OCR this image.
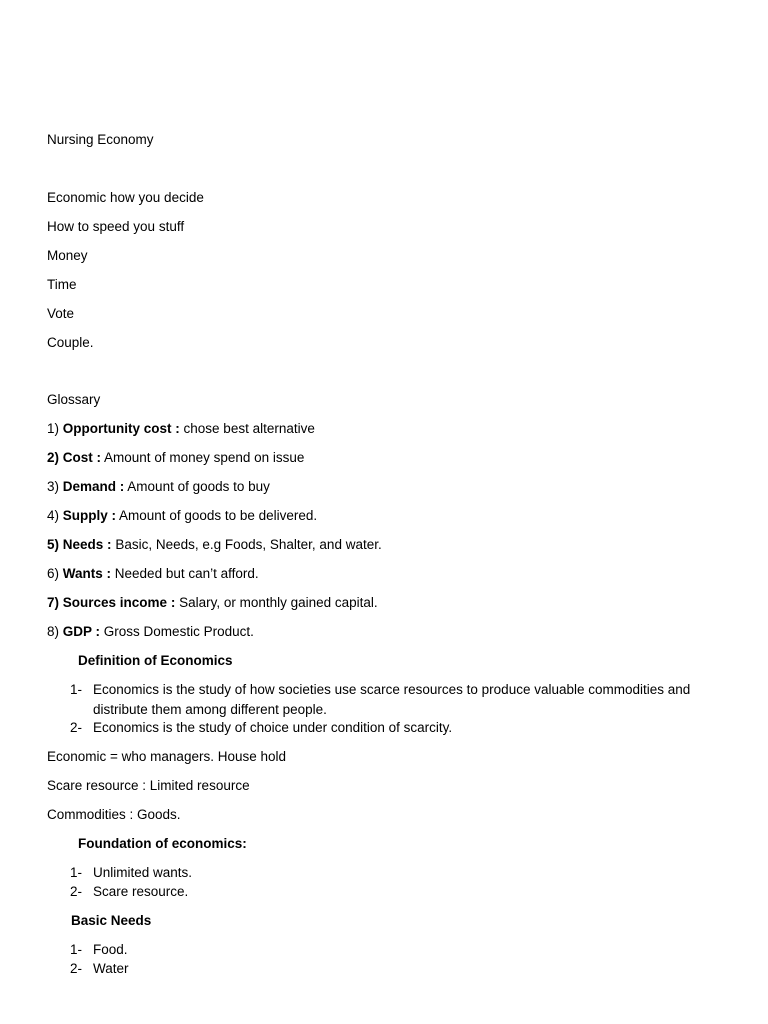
Nursing Economy
Economic how you decide
How to speed you stuff
Money
Time
Vote
Couple.
Glossary
1) Opportunity cost : chose best alternative
2) Cost : Amount of money spend on issue
3) Demand : Amount of goods to buy
4) Supply : Amount of goods to be delivered.
5) Needs : Basic, Needs, e.g Foods, Shalter, and water.
6) Wants : Needed but can’t afford.
7) Sources income : Salary, or monthly gained capital.
8) GDP : Gross Domestic Product.
Definition of Economics
1- Economics is the study of how societies use scarce resources to produce valuable commodities and distribute them among different people.
2- Economics is the study of choice under condition of scarcity.
Economic = who managers. House hold
Scare resource : Limited resource
Commodities : Goods.
Foundation of economics:
1- Unlimited wants.
2- Scare resource.
Basic Needs
1- Food.
2- Water
